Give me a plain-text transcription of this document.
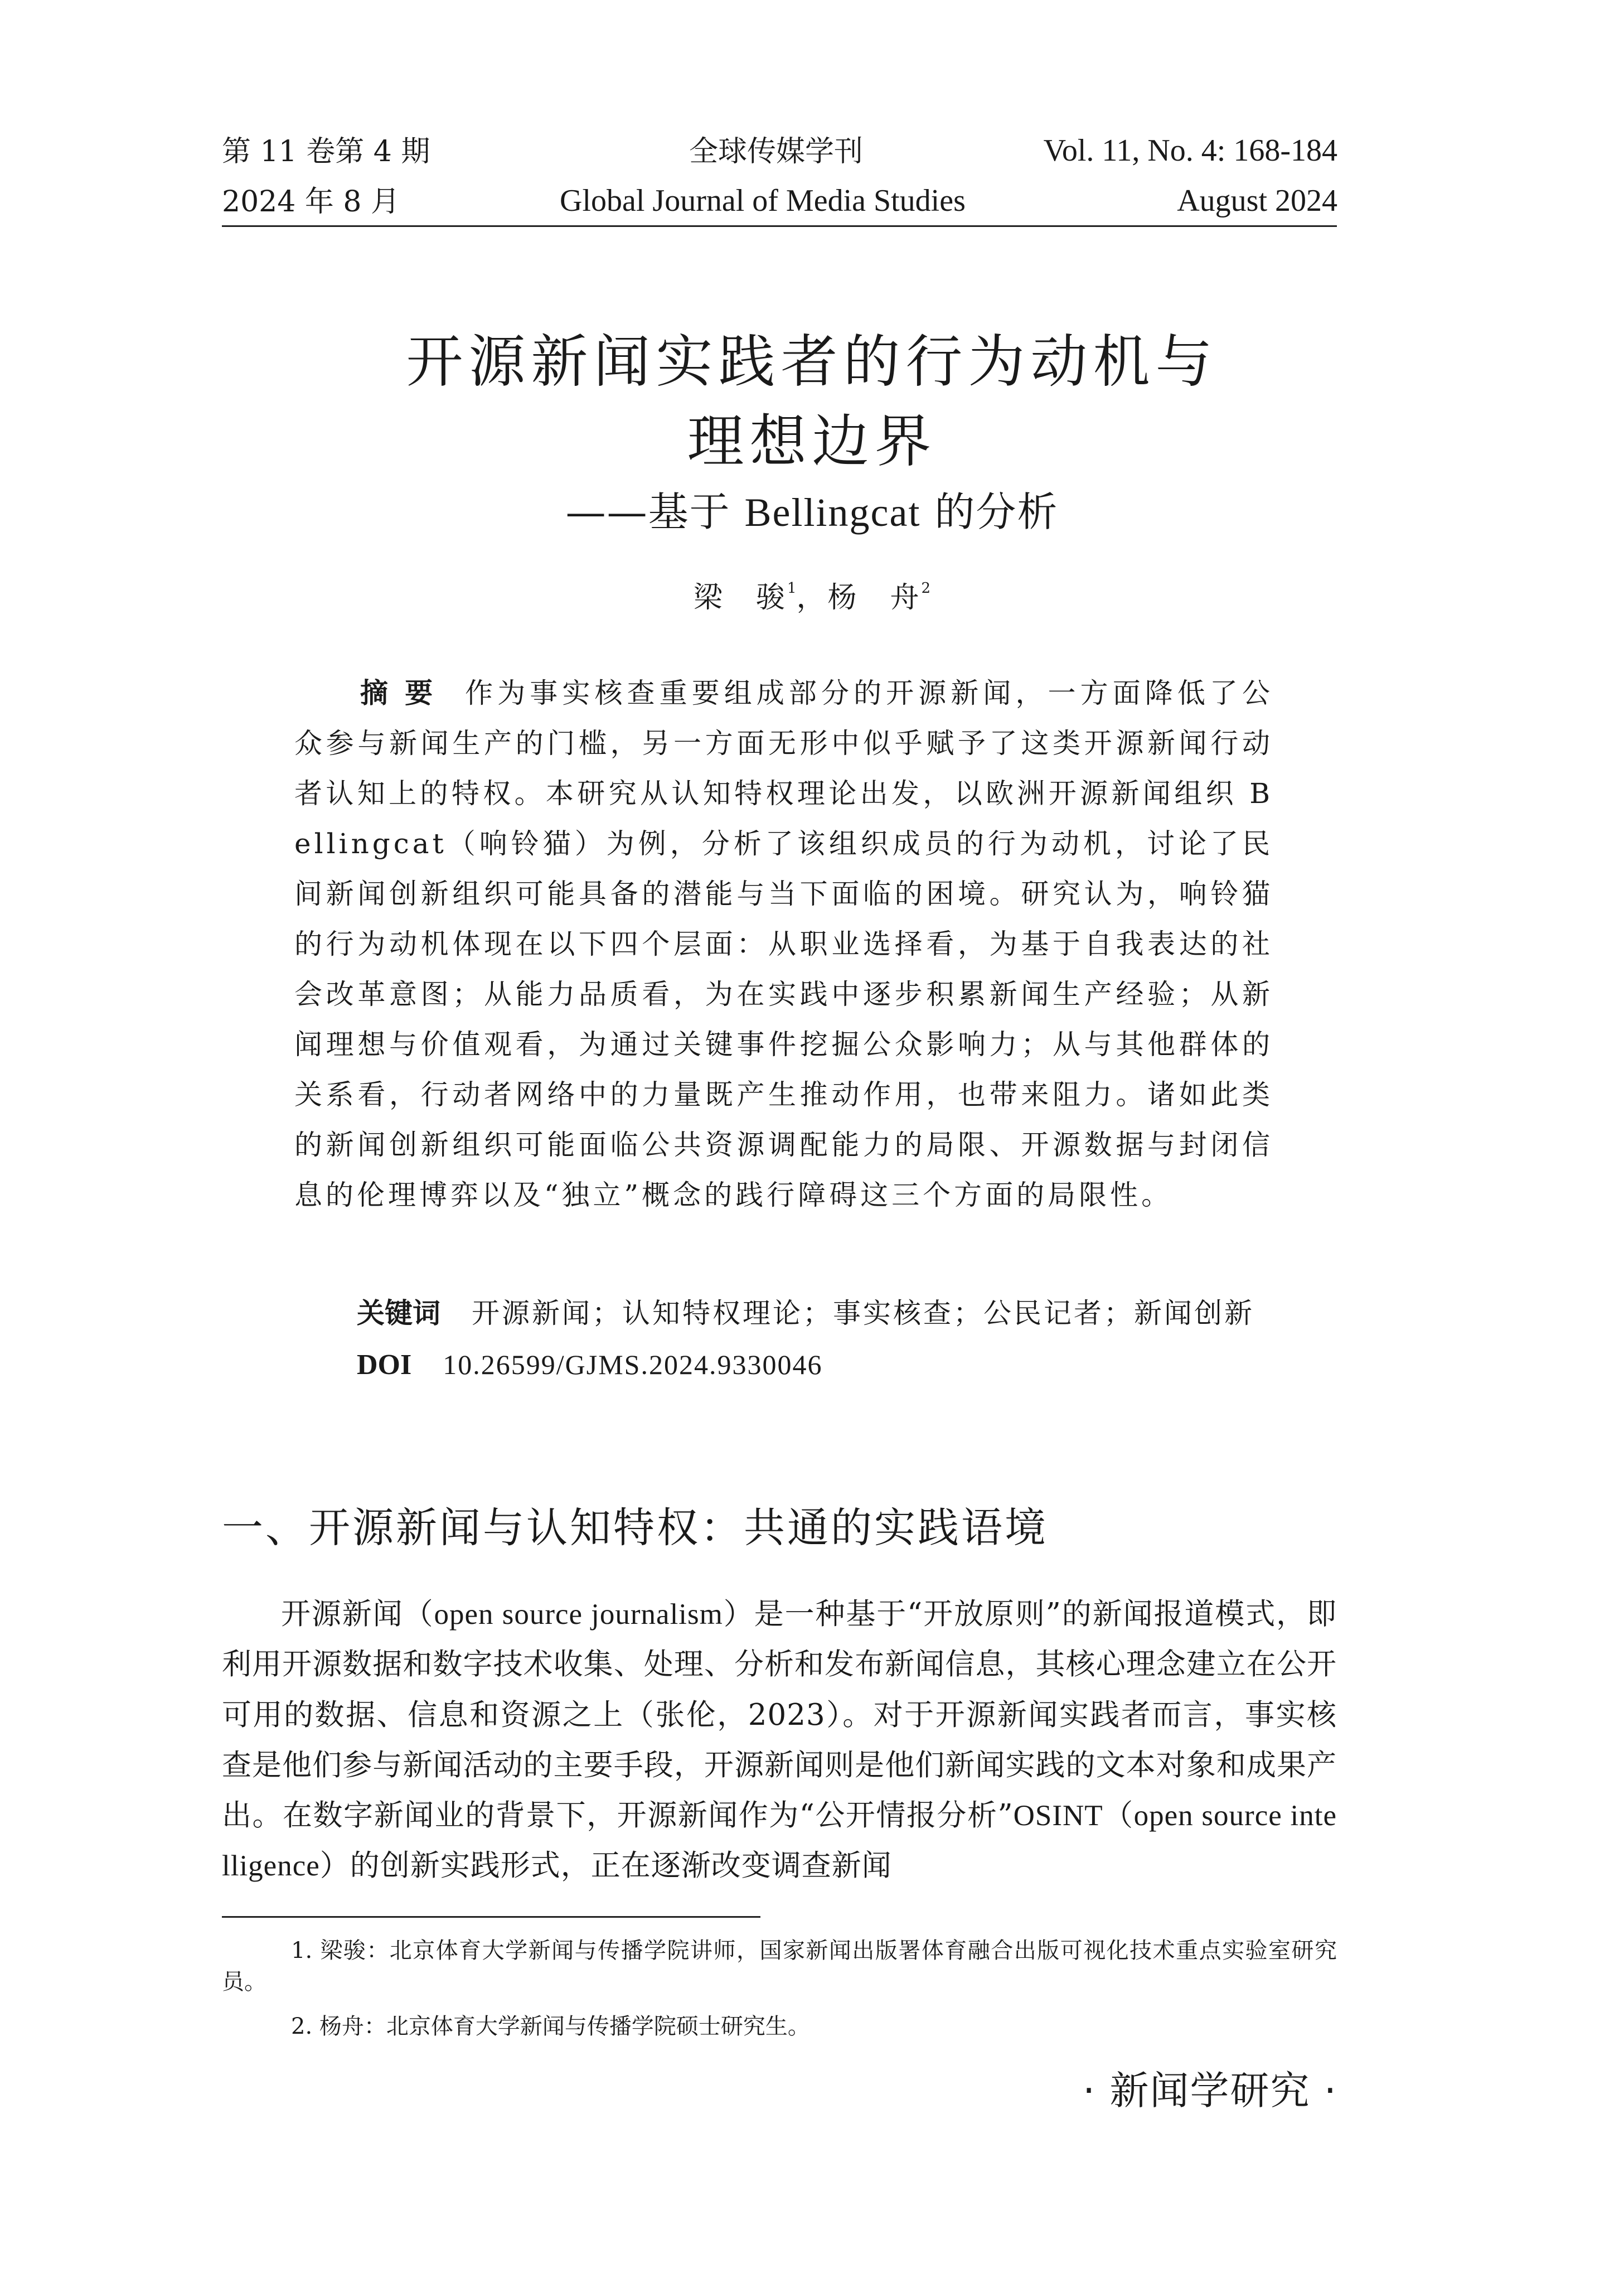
第 11 卷第 4 期
2024 年 8 月
全球传媒学刊
Global Journal of Media Studies
Vol. 11, No. 4: 168-184
August 2024
开源新闻实践者的行为动机与
理想边界
——基于 Bellingcat 的分析
梁　骏$^1$，杨　舟$^2$
摘要 作为事实核查重要组成部分的开源新闻，一方面降低了公众参与新闻生产的门槛，另一方面无形中似乎赋予了这类开源新闻行动者认知上的特权。本研究从认知特权理论出发，以欧洲开源新闻组织 Bellingcat（响铃猫）为例，分析了该组织成员的行为动机，讨论了民间新闻创新组织可能具备的潜能与当下面临的困境。研究认为，响铃猫的行为动机体现在以下四个层面：从职业选择看，为基于自我表达的社会改革意图；从能力品质看，为在实践中逐步积累新闻生产经验；从新闻理想与价值观看，为通过关键事件挖掘公众影响力；从与其他群体的关系看，行动者网络中的力量既产生推动作用，也带来阻力。诸如此类的新闻创新组织可能面临公共资源调配能力的局限、开源数据与封闭信息的伦理博弈以及“独立”概念的践行障碍这三个方面的局限性。
关键词 开源新闻；认知特权理论；事实核查；公民记者；新闻创新
DOI 10.26599/GJMS.2024.9330046
一、开源新闻与认知特权：共通的实践语境
开源新闻（open source journalism）是一种基于“开放原则”的新闻报道模式，即利用开源数据和数字技术收集、处理、分析和发布新闻信息，其核心理念建立在公开可用的数据、信息和资源之上（张伦，2023）。对于开源新闻实践者而言，事实核查是他们参与新闻活动的主要手段，开源新闻则是他们新闻实践的文本对象和成果产出。在数字新闻业的背景下，开源新闻作为“公开情报分析”OSINT（open source intelligence）的创新实践形式，正在逐渐改变调查新闻
1. 梁骏：北京体育大学新闻与传播学院讲师，国家新闻出版署体育融合出版可视化技术重点实验室研究员。
2. 杨舟：北京体育大学新闻与传播学院硕士研究生。
· 新闻学研究 ·
